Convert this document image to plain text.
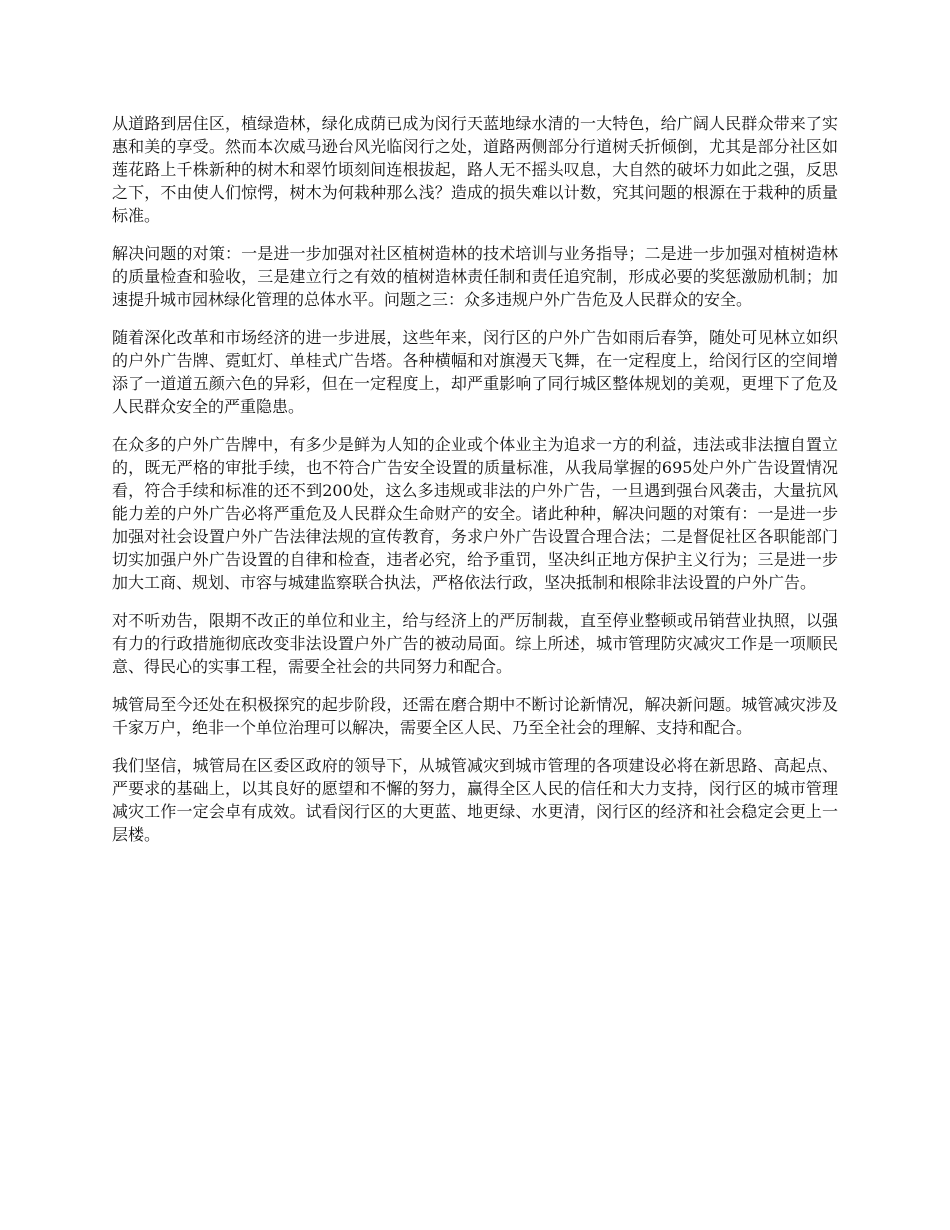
从道路到居住区，植绿造林，绿化成荫已成为闵行天蓝地绿水清的一大特色，给广阔人民群众带来了实惠和美的享受。然而本次威马逊台风光临闵行之处，道路两侧部分行道树夭折倾倒，尤其是部分社区如莲花路上千株新种的树木和翠竹顷刻间连根拔起，路人无不摇头叹息，大自然的破坏力如此之强，反思之下，不由使人们惊愕，树木为何栽种那么浅？造成的损失难以计数，究其问题的根源在于栽种的质量标准。

解决问题的对策：一是进一步加强对社区植树造林的技术培训与业务指导；二是进一步加强对植树造林的质量检查和验收，三是建立行之有效的植树造林责任制和责任追究制，形成必要的奖惩激励机制；加速提升城市园林绿化管理的总体水平。问题之三：众多违规户外广告危及人民群众的安全。

随着深化改革和市场经济的进一步进展，这些年来，闵行区的户外广告如雨后春笋，随处可见林立如织的户外广告牌、霓虹灯、单桂式广告塔。各种横幅和对旗漫天飞舞，在一定程度上，给闵行区的空间增添了一道道五颜六色的异彩，但在一定程度上，却严重影响了同行城区整体规划的美观，更埋下了危及人民群众安全的严重隐患。

在众多的户外广告牌中，有多少是鲜为人知的企业或个体业主为追求一方的利益，违法或非法擅自置立的，既无严格的审批手续，也不符合广告安全设置的质量标准，从我局掌握的695处户外广告设置情况看，符合手续和标准的还不到200处，这么多违规或非法的户外广告，一旦遇到强台风袭击，大量抗风能力差的户外广告必将严重危及人民群众生命财产的安全。诸此种种，解决问题的对策有：一是进一步加强对社会设置户外广告法律法规的宣传教育，务求户外广告设置合理合法；二是督促社区各职能部门切实加强户外广告设置的自律和检查，违者必究，给予重罚，坚决纠正地方保护主义行为；三是进一步加大工商、规划、市容与城建监察联合执法，严格依法行政，坚决抵制和根除非法设置的户外广告。

对不听劝告，限期不改正的单位和业主，给与经济上的严厉制裁，直至停业整顿或吊销营业执照，以强有力的行政措施彻底改变非法设置户外广告的被动局面。综上所述，城市管理防灾减灾工作是一项顺民意、得民心的实事工程，需要全社会的共同努力和配合。

城管局至今还处在积极探究的起步阶段，还需在磨合期中不断讨论新情况，解决新问题。城管减灾涉及千家万户，绝非一个单位治理可以解决，需要全区人民、乃至全社会的理解、支持和配合。

我们坚信，城管局在区委区政府的领导下，从城管减灾到城市管理的各项建设必将在新思路、高起点、严要求的基础上，以其良好的愿望和不懈的努力，赢得全区人民的信任和大力支持，闵行区的城市管理减灾工作一定会卓有成效。试看闵行区的大更蓝、地更绿、水更清，闵行区的经济和社会稳定会更上一层楼。
